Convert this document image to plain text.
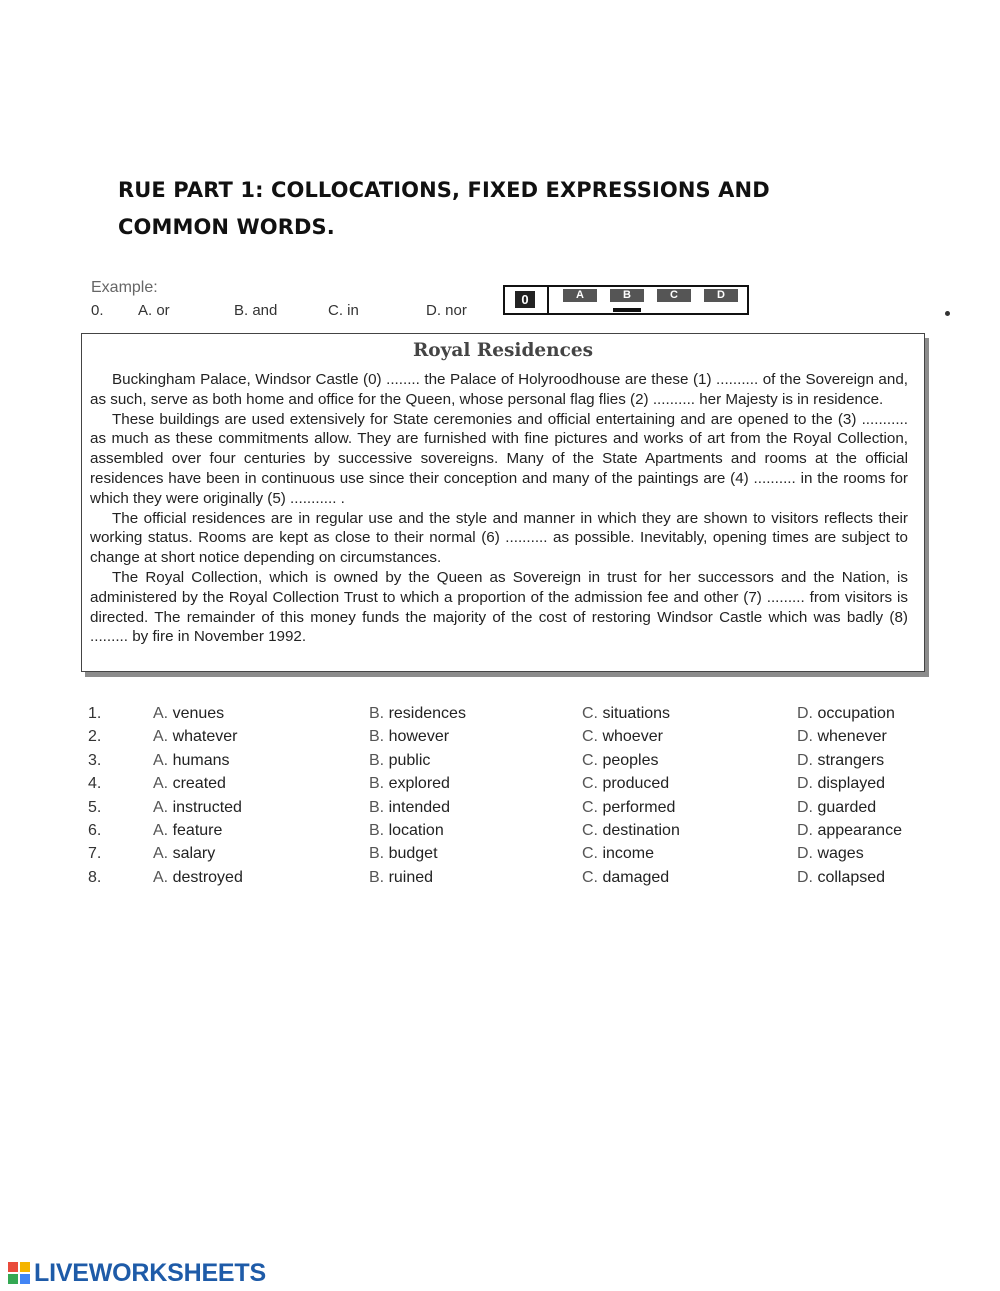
RUE PART 1: COLLOCATIONS, FIXED EXPRESSIONS AND COMMON WORDS.
Example:
0. A. or	B. and	C. in	D. nor
0	A	B	C	D
Royal Residences

Buckingham Palace, Windsor Castle (0) ........ the Palace of Holyroodhouse are these (1) .......... of the Sovereign and, as such, serve as both home and office for the Queen, whose personal flag flies (2) .......... her Majesty is in residence.

These buildings are used extensively for State ceremonies and official entertaining and are opened to the (3) ........... as much as these commitments allow. They are furnished with fine pictures and works of art from the Royal Collection, assembled over four centuries by successive sovereigns. Many of the State Apartments and rooms at the official residences have been in continuous use since their conception and many of the paintings are (4) .......... in the rooms for which they were originally (5) ........... .

The official residences are in regular use and the style and manner in which they are shown to visitors reflects their working status. Rooms are kept as close to their normal (6) .......... as possible. Inevitably, opening times are subject to change at short notice depending on circumstances.

The Royal Collection, which is owned by the Queen as Sovereign in trust for her successors and the Nation, is administered by the Royal Collection Trust to which a proportion of the admission fee and other (7) ......... from visitors is directed. The remainder of this money funds the majority of the cost of restoring Windsor Castle which was badly (8) ......... by fire in November 1992.

1.	A. venues	B. residences	C. situations	D. occupation
2.	A. whatever	B. however	C. whoever	D. whenever
3.	A. humans	B. public	C. peoples	D. strangers
4.	A. created	B. explored	C. produced	D. displayed
5.	A. instructed	B. intended	C. performed	D. guarded
6.	A. feature	B. location	C. destination	D. appearance
7.	A. salary	B. budget	C. income	D. wages
8.	A. destroyed	B. ruined	C. damaged	D. collapsed
LIVEWORKSHEETS
